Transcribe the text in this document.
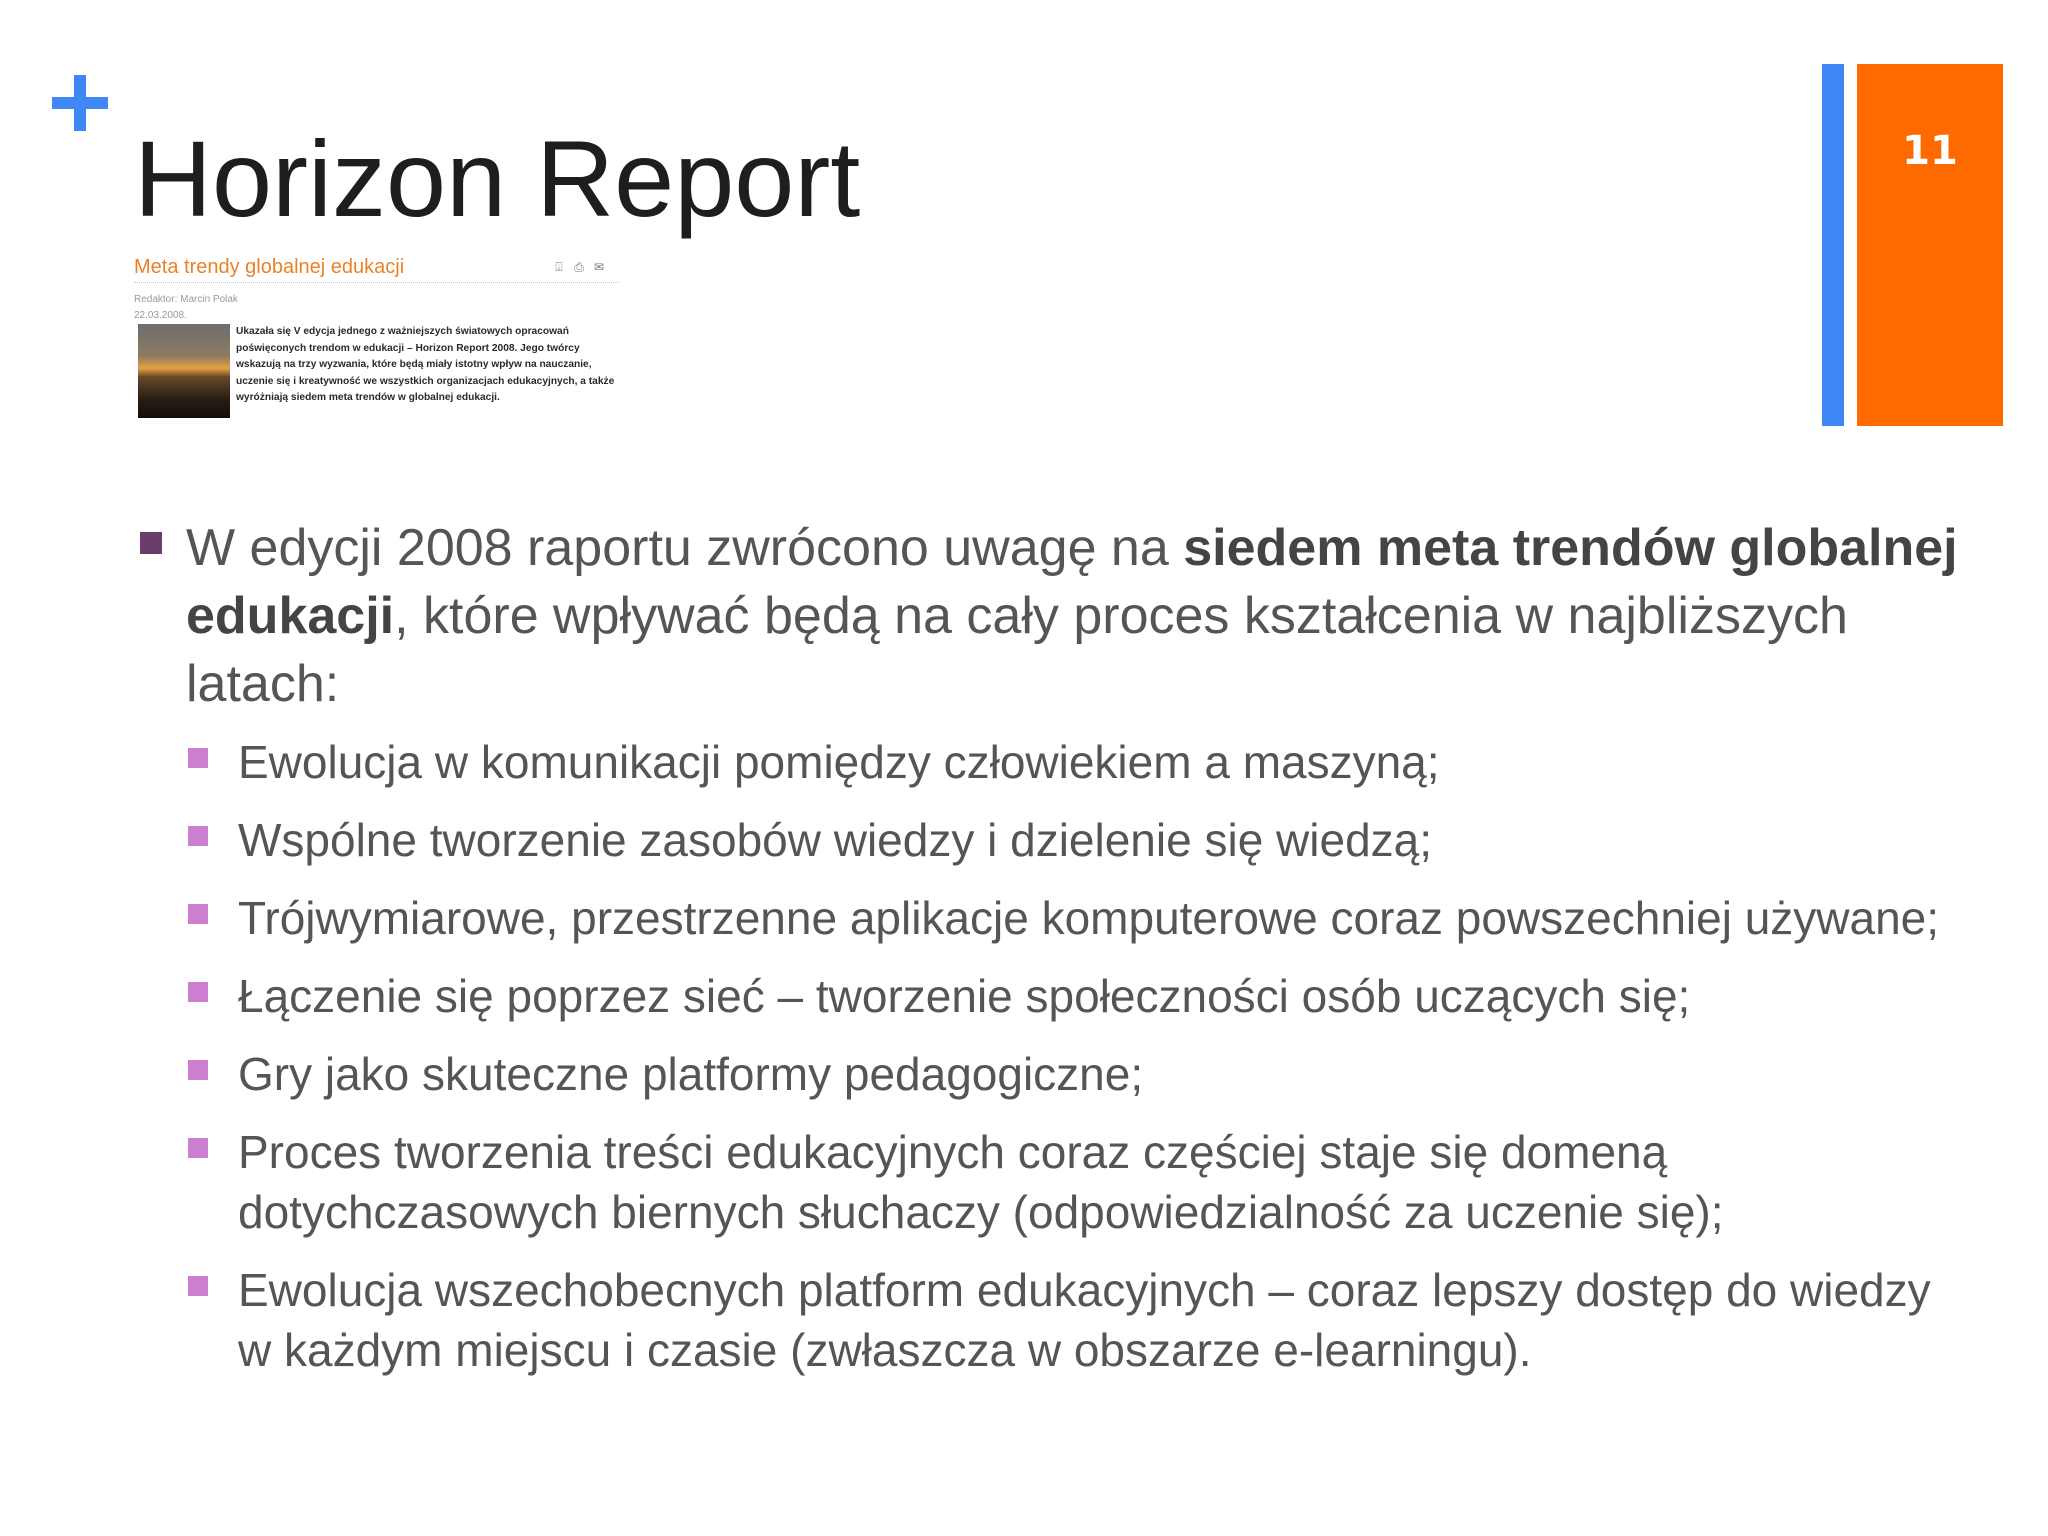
Horizon Report	11
Meta trendy globalnej edukacji	⍗ ⎙ ✉
Redaktor: Marcin Polak
22.03.2008.
Ukazała się V edycja jednego z ważniejszych światowych opracowań poświęconych trendom w edukacji – Horizon Report 2008. Jego twórcy wskazują na trzy wyzwania, które będą miały istotny wpływ na nauczanie, uczenie się i kreatywność we wszystkich organizacjach edukacyjnych, a także wyróżniają siedem meta trendów w globalnej edukacji.
W edycji 2008 raportu zwrócono uwagę na siedem meta trendów globalnej edukacji, które wpływać będą na cały proces kształcenia w najbliższych latach:
Ewolucja w komunikacji pomiędzy człowiekiem a maszyną;
Wspólne tworzenie zasobów wiedzy i dzielenie się wiedzą;
Trójwymiarowe, przestrzenne aplikacje komputerowe coraz powszechniej używane;
Łączenie się poprzez sieć – tworzenie społeczności osób uczących się;
Gry jako skuteczne platformy pedagogiczne;
Proces tworzenia treści edukacyjnych coraz częściej staje się domeną dotychczasowych biernych słuchaczy (odpowiedzialność za uczenie się);
Ewolucja wszechobecnych platform edukacyjnych – coraz lepszy dostęp do wiedzy w każdym miejscu i czasie (zwłaszcza w obszarze e-learningu).
